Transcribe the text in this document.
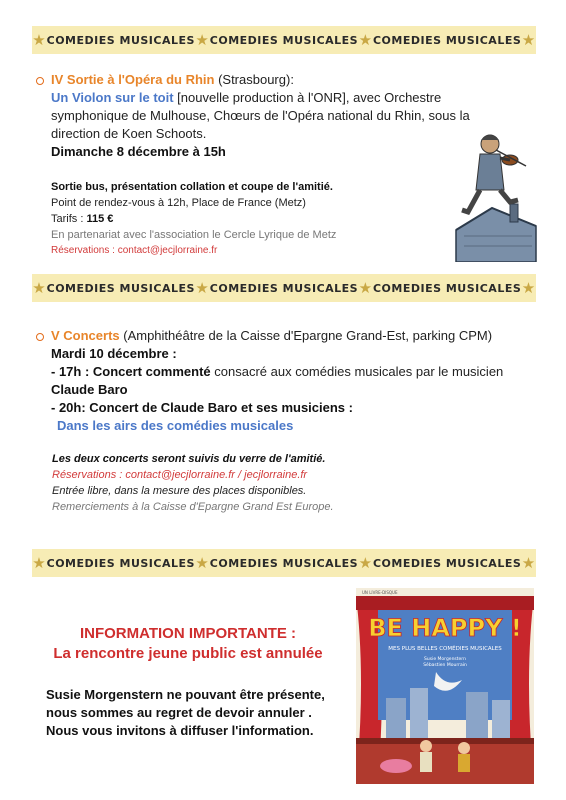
★ COMEDIES MUSICALES ★ COMEDIES MUSICALES ★ COMEDIES MUSICALES ★
IV Sortie à l'Opéra du Rhin (Strasbourg):
Un Violon sur le toit [nouvelle production à l'ONR], avec Orchestre symphonique de Mulhouse, Chœurs de l'Opéra national du Rhin, sous la direction de Koen Schoots.
Dimanche 8 décembre à 15h
Sortie bus, présentation collation et coupe de l'amitié.
Point de rendez-vous à 12h, Place de France (Metz)
Tarifs : 115 €
En partenariat avec l'association le Cercle Lyrique de Metz
Réservations : contact@jecjlorraine.fr
★ COMEDIES MUSICALES ★ COMEDIES MUSICALES ★ COMEDIES MUSICALES ★
V Concerts (Amphithéâtre de la Caisse d'Epargne Grand-Est, parking CPM)
Mardi 10 décembre :
- 17h : Concert commenté consacré aux comédies musicales par le musicien
Claude Baro
- 20h: Concert de Claude Baro et ses musiciens :
Dans les airs des comédies musicales
Les deux concerts seront suivis du verre de l'amitié.
Réservations : contact@jecjlorraine.fr / jecjlorraine.fr
Entrée libre, dans la mesure des places disponibles.
Remerciements à la Caisse d'Epargne Grand Est Europe.
★ COMEDIES MUSICALES ★ COMEDIES MUSICALES ★ COMEDIES MUSICALES ★
INFORMATION IMPORTANTE :
La rencontre jeune public est annulée
Susie Morgenstern ne pouvant être présente,
nous sommes au regret de devoir annuler .
Nous vous invitons à diffuser l'information.
BE HAPPY !
MES PLUS BELLES COMÉDIES MUSICALES
Susie Morgenstern
Sébastien Mourrain
UN LIVRE-DISQUE
